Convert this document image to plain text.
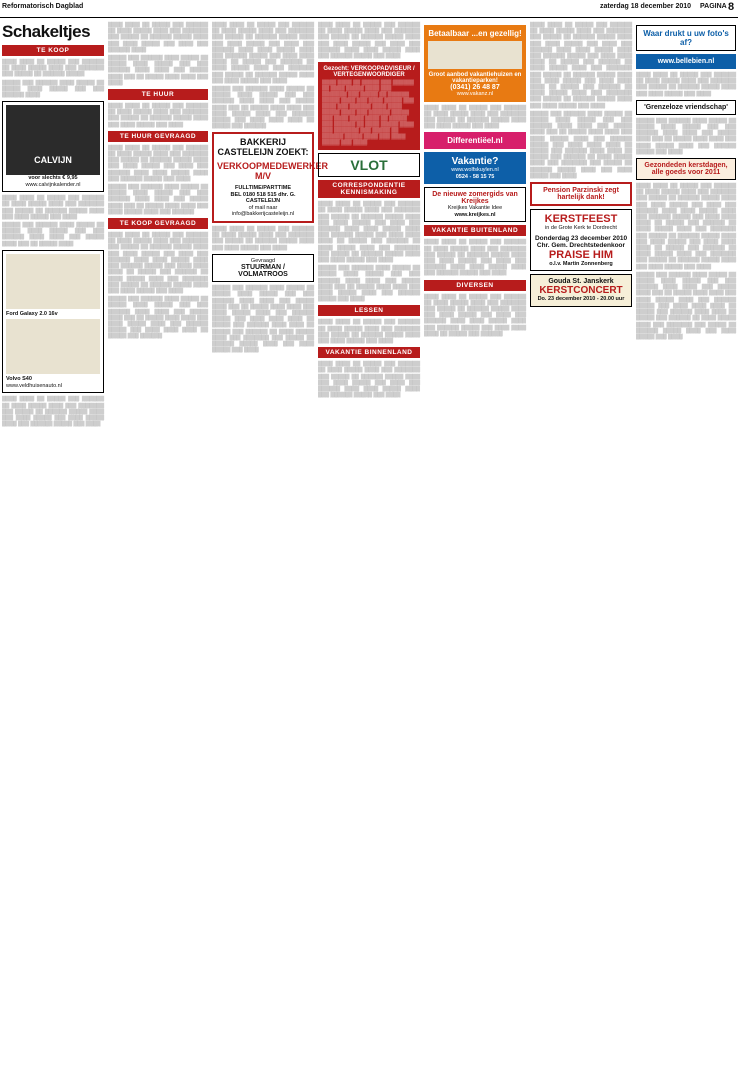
Reformatorisch Dagblad	zaterdag 18 december 2010 PAGINA 8
Schakeltjes
TE KOOP

▒▒▒▒ ▒▒▒▒ ▒▒ ▒▒▒▒▒ ▒▒▒ ▒▒▒▒▒▒ ▒▒ ▒▒▒▒ ▒▒▒▒▒ ▒▒▒▒ ▒▒▒ ▒▒▒▒▒▒▒ ▒▒▒ ▒▒▒▒▒ ▒▒ ▒▒▒▒▒▒ ▒▒▒▒▒

▒▒▒▒▒ ▒▒▒ ▒▒▒▒▒▒ ▒▒▒▒ ▒▒▒▒▒ ▒▒ ▒▒▒▒▒ ▒▒▒▒ ▒▒▒▒▒ ▒▒▒ ▒▒▒ ▒▒▒▒▒▒ ▒▒▒▒

CALVIJN
voor slechts € 9,95
www.calvijnkalender.nl

▒▒▒▒ ▒▒▒▒ ▒▒ ▒▒▒▒▒ ▒▒▒ ▒▒▒▒▒▒ ▒▒ ▒▒▒▒ ▒▒▒▒▒ ▒▒▒▒ ▒▒▒ ▒▒▒▒▒▒▒ ▒▒▒ ▒▒▒▒▒ ▒▒ ▒▒▒▒▒▒ ▒▒▒▒▒ ▒▒▒▒ ▒▒▒ ▒▒▒▒ ▒▒▒▒▒ ▒▒▒ ▒▒▒▒

▒▒▒▒▒ ▒▒▒ ▒▒▒▒▒▒ ▒▒▒▒ ▒▒▒▒▒ ▒▒ ▒▒▒▒▒ ▒▒▒▒ ▒▒▒▒▒ ▒▒▒ ▒▒▒ ▒▒▒▒▒▒ ▒▒▒▒ ▒▒▒▒ ▒▒▒ ▒▒▒▒▒ ▒▒▒▒ ▒▒▒ ▒▒ ▒▒▒▒▒ ▒▒▒▒

Ford Galaxy 2.0 16v
Volvo S40
www.veldhuisenauto.nl

▒▒▒▒ ▒▒▒▒ ▒▒ ▒▒▒▒▒ ▒▒▒ ▒▒▒▒▒▒ ▒▒ ▒▒▒▒ ▒▒▒▒▒ ▒▒▒▒ ▒▒▒ ▒▒▒▒▒▒▒ ▒▒▒ ▒▒▒▒▒ ▒▒ ▒▒▒▒▒▒ ▒▒▒▒▒ ▒▒▒▒ ▒▒▒ ▒▒▒▒ ▒▒▒▒▒ ▒▒▒ ▒▒▒▒ ▒▒▒▒▒ ▒▒▒▒ ▒▒▒ ▒▒▒▒▒▒ ▒▒▒▒▒ ▒▒▒ ▒▒▒▒

▒▒▒▒ ▒▒▒▒ ▒▒ ▒▒▒▒▒ ▒▒▒ ▒▒▒▒▒▒ ▒▒ ▒▒▒▒ ▒▒▒▒▒ ▒▒▒▒ ▒▒▒ ▒▒▒▒▒▒▒ ▒▒▒ ▒▒▒▒▒ ▒▒ ▒▒▒▒▒▒ ▒▒▒▒▒ ▒▒▒▒ ▒▒▒ ▒▒▒▒ ▒▒▒▒▒ ▒▒▒ ▒▒▒▒ ▒▒▒ ▒▒▒▒▒▒ ▒▒▒▒

▒▒▒▒▒ ▒▒▒ ▒▒▒▒▒▒ ▒▒▒▒ ▒▒▒▒▒ ▒▒ ▒▒▒▒▒ ▒▒▒▒ ▒▒▒▒▒ ▒▒▒ ▒▒▒ ▒▒▒▒▒▒ ▒▒▒▒ ▒▒▒▒ ▒▒▒ ▒▒▒▒▒ ▒▒▒▒ ▒▒▒ ▒▒ ▒▒▒▒▒ ▒▒▒▒ ▒▒▒▒ ▒▒▒ ▒▒▒▒

TE HUUR

▒▒▒▒ ▒▒▒▒ ▒▒ ▒▒▒▒▒ ▒▒▒ ▒▒▒▒▒▒ ▒▒ ▒▒▒▒ ▒▒▒▒▒ ▒▒▒▒ ▒▒▒ ▒▒▒▒▒▒▒ ▒▒▒ ▒▒▒▒▒ ▒▒ ▒▒▒▒▒▒ ▒▒▒▒▒ ▒▒▒▒ ▒▒▒ ▒▒▒▒ ▒▒▒▒▒ ▒▒▒ ▒▒▒▒

TE HUUR GEVRAAGD

▒▒▒▒ ▒▒▒▒ ▒▒ ▒▒▒▒▒ ▒▒▒ ▒▒▒▒▒▒ ▒▒ ▒▒▒▒ ▒▒▒▒▒ ▒▒▒▒ ▒▒▒ ▒▒▒▒▒▒▒ ▒▒▒ ▒▒▒▒▒ ▒▒ ▒▒▒▒▒▒ ▒▒▒▒▒ ▒▒▒▒ ▒▒▒ ▒▒▒▒ ▒▒▒▒▒ ▒▒▒ ▒▒▒▒ ▒▒▒ ▒▒▒▒▒▒ ▒▒▒▒ ▒▒▒▒ ▒▒▒▒▒ ▒▒▒▒ ▒▒▒ ▒▒▒▒▒▒ ▒▒▒▒▒ ▒▒▒ ▒▒▒▒

▒▒▒▒▒ ▒▒▒ ▒▒▒▒▒▒ ▒▒▒▒ ▒▒▒▒▒ ▒▒ ▒▒▒▒▒ ▒▒▒▒ ▒▒▒▒▒ ▒▒▒ ▒▒▒ ▒▒▒▒▒▒ ▒▒▒▒ ▒▒▒▒ ▒▒▒ ▒▒▒▒▒ ▒▒▒▒ ▒▒▒ ▒▒ ▒▒▒▒▒ ▒▒▒▒ ▒▒▒▒ ▒▒▒ ▒▒▒▒ ▒▒▒▒▒ ▒▒▒▒ ▒▒▒ ▒▒▒▒▒▒

TE KOOP GEVRAAGD

▒▒▒▒ ▒▒▒▒ ▒▒ ▒▒▒▒▒ ▒▒▒ ▒▒▒▒▒▒ ▒▒ ▒▒▒▒ ▒▒▒▒▒ ▒▒▒▒ ▒▒▒ ▒▒▒▒▒▒▒ ▒▒▒ ▒▒▒▒▒ ▒▒ ▒▒▒▒▒▒ ▒▒▒▒▒ ▒▒▒▒ ▒▒▒ ▒▒▒▒ ▒▒▒▒▒ ▒▒▒ ▒▒▒▒ ▒▒▒ ▒▒▒▒▒▒ ▒▒▒▒ ▒▒▒▒ ▒▒▒▒▒ ▒▒▒▒ ▒▒▒ ▒▒▒▒▒▒ ▒▒▒▒▒ ▒▒▒ ▒▒▒▒ ▒▒▒▒ ▒▒▒▒ ▒▒ ▒▒▒▒▒ ▒▒▒ ▒▒▒▒▒▒ ▒▒ ▒▒▒▒ ▒▒▒▒▒ ▒▒▒▒ ▒▒▒ ▒▒▒▒▒▒▒ ▒▒▒ ▒▒▒▒▒ ▒▒ ▒▒▒▒▒▒ ▒▒▒▒▒ ▒▒▒▒ ▒▒▒ ▒▒▒▒ ▒▒▒▒▒ ▒▒▒ ▒▒▒▒

▒▒▒▒▒ ▒▒▒ ▒▒▒▒▒▒ ▒▒▒▒ ▒▒▒▒▒ ▒▒ ▒▒▒▒▒ ▒▒▒▒ ▒▒▒▒▒ ▒▒▒ ▒▒▒ ▒▒▒▒▒▒ ▒▒▒▒ ▒▒▒▒ ▒▒▒ ▒▒▒▒▒ ▒▒▒▒ ▒▒▒ ▒▒ ▒▒▒▒▒ ▒▒▒▒ ▒▒▒▒ ▒▒▒ ▒▒▒▒ ▒▒▒▒▒ ▒▒▒▒ ▒▒▒ ▒▒▒▒▒▒ ▒▒▒▒▒ ▒▒▒ ▒▒▒▒ ▒▒▒▒ ▒▒▒▒ ▒▒ ▒▒▒▒▒ ▒▒▒ ▒▒▒▒▒▒

▒▒▒▒ ▒▒▒▒ ▒▒ ▒▒▒▒▒ ▒▒▒ ▒▒▒▒▒▒ ▒▒ ▒▒▒▒ ▒▒▒▒▒ ▒▒▒▒ ▒▒▒ ▒▒▒▒▒▒▒ ▒▒▒ ▒▒▒▒▒ ▒▒ ▒▒▒▒▒▒ ▒▒▒▒▒ ▒▒▒▒ ▒▒▒ ▒▒▒▒ ▒▒▒▒▒ ▒▒▒ ▒▒▒▒ ▒▒▒ ▒▒▒▒▒▒ ▒▒▒▒ ▒▒▒▒ ▒▒▒▒▒ ▒▒▒▒ ▒▒▒ ▒▒▒▒▒▒ ▒▒▒▒▒ ▒▒▒ ▒▒▒▒ ▒▒▒▒ ▒▒▒▒ ▒▒ ▒▒▒▒▒ ▒▒▒ ▒▒▒▒▒▒ ▒▒ ▒▒▒▒ ▒▒▒▒▒ ▒▒▒▒ ▒▒▒ ▒▒▒▒▒▒▒ ▒▒▒ ▒▒▒▒▒ ▒▒ ▒▒▒▒▒▒ ▒▒▒▒▒ ▒▒▒▒ ▒▒▒ ▒▒▒▒ ▒▒▒▒▒ ▒▒▒ ▒▒▒▒

▒▒▒▒▒ ▒▒▒ ▒▒▒▒▒▒ ▒▒▒▒ ▒▒▒▒▒ ▒▒ ▒▒▒▒▒ ▒▒▒▒ ▒▒▒▒▒ ▒▒▒ ▒▒▒ ▒▒▒▒▒▒ ▒▒▒▒ ▒▒▒▒ ▒▒▒ ▒▒▒▒▒ ▒▒▒▒ ▒▒▒ ▒▒ ▒▒▒▒▒ ▒▒▒▒ ▒▒▒▒ ▒▒▒ ▒▒▒▒ ▒▒▒▒▒ ▒▒▒▒ ▒▒▒ ▒▒▒▒▒▒ ▒▒▒▒▒ ▒▒▒ ▒▒▒▒ ▒▒▒▒ ▒▒▒▒ ▒▒ ▒▒▒▒▒ ▒▒▒ ▒▒▒▒▒▒

BAKKERIJ CASTELEIJN ZOEKT:
VERKOOPMEDEWERKER M/V
FULLTIME/PARTTIME
BEL 0180 518 515 dhr. G. CASTELEIJN
of mail naar info@bakkerijcasteleijn.nl

▒▒▒▒ ▒▒▒▒ ▒▒ ▒▒▒▒▒ ▒▒▒ ▒▒▒▒▒▒ ▒▒ ▒▒▒▒ ▒▒▒▒▒ ▒▒▒▒ ▒▒▒ ▒▒▒▒▒▒▒ ▒▒▒ ▒▒▒▒▒ ▒▒ ▒▒▒▒▒▒ ▒▒▒▒▒ ▒▒▒▒ ▒▒▒ ▒▒▒▒ ▒▒▒▒▒ ▒▒▒ ▒▒▒▒

Gevraagd
STUURMAN / VOLMATROOS

▒▒▒▒▒ ▒▒▒ ▒▒▒▒▒▒ ▒▒▒▒ ▒▒▒▒▒ ▒▒ ▒▒▒▒▒ ▒▒▒▒ ▒▒▒▒▒ ▒▒▒ ▒▒▒ ▒▒▒▒▒▒ ▒▒▒▒ ▒▒▒▒ ▒▒▒ ▒▒▒▒▒ ▒▒▒▒ ▒▒▒ ▒▒ ▒▒▒▒▒ ▒▒▒▒ ▒▒▒▒ ▒▒▒ ▒▒▒▒ ▒▒▒▒▒ ▒▒▒▒ ▒▒▒ ▒▒▒▒▒▒ ▒▒▒▒▒ ▒▒▒ ▒▒▒▒ ▒▒▒▒ ▒▒▒▒ ▒▒ ▒▒▒▒▒ ▒▒▒ ▒▒▒▒▒▒ ▒▒▒▒ ▒▒▒▒ ▒▒ ▒▒▒▒▒ ▒▒▒ ▒▒▒▒▒▒ ▒▒ ▒▒▒▒ ▒▒▒▒▒ ▒▒▒▒ ▒▒▒ ▒▒▒▒▒▒▒ ▒▒▒ ▒▒▒▒▒ ▒▒ ▒▒▒▒▒▒ ▒▒▒▒▒ ▒▒▒▒ ▒▒▒ ▒▒▒▒ ▒▒▒▒▒ ▒▒▒ ▒▒▒▒

▒▒▒▒ ▒▒▒▒ ▒▒ ▒▒▒▒▒ ▒▒▒ ▒▒▒▒▒▒ ▒▒ ▒▒▒▒ ▒▒▒▒▒ ▒▒▒▒ ▒▒▒ ▒▒▒▒▒▒▒ ▒▒▒ ▒▒▒▒▒ ▒▒ ▒▒▒▒▒▒ ▒▒▒▒▒ ▒▒▒▒ ▒▒▒ ▒▒▒▒ ▒▒▒▒▒ ▒▒▒ ▒▒▒▒ ▒▒▒ ▒▒▒▒▒▒ ▒▒▒▒ ▒▒▒▒ ▒▒▒▒▒ ▒▒▒▒ ▒▒▒ ▒▒▒▒▒▒ ▒▒▒▒▒ ▒▒▒ ▒▒▒▒

Gezocht: VERKOOPADVISEUR / VERTEGENWOORDIGER
▒▒▒▒ ▒▒▒▒ ▒▒ ▒▒▒▒▒ ▒▒▒ ▒▒▒▒▒▒ ▒▒ ▒▒▒▒ ▒▒▒▒▒ ▒▒▒▒ ▒▒▒ ▒▒▒▒▒▒▒ ▒▒▒ ▒▒▒▒▒ ▒▒ ▒▒▒▒▒▒ ▒▒▒▒▒ ▒▒▒▒ ▒▒▒ ▒▒▒▒ ▒▒▒▒▒ ▒▒▒ ▒▒▒▒ ▒▒▒ ▒▒▒▒▒▒ ▒▒▒▒ ▒▒▒▒ ▒▒▒▒▒ ▒▒▒▒ ▒▒▒ ▒▒▒▒▒▒ ▒▒▒▒▒ ▒▒▒ ▒▒▒▒ ▒▒▒▒ ▒▒▒▒ ▒▒ ▒▒▒▒▒ ▒▒▒ ▒▒▒▒▒▒ ▒▒ ▒▒▒▒ ▒▒▒▒▒ ▒▒▒▒ ▒▒▒ ▒▒▒▒▒▒▒ ▒▒▒ ▒▒▒▒▒ ▒▒ ▒▒▒▒▒▒ ▒▒▒▒▒ ▒▒▒▒ ▒▒▒ ▒▒▒▒ ▒▒▒▒▒ ▒▒▒ ▒▒▒▒
VLOT
CORRESPONDENTIE KENNISMAKING

▒▒▒▒ ▒▒▒▒ ▒▒ ▒▒▒▒▒ ▒▒▒ ▒▒▒▒▒▒ ▒▒ ▒▒▒▒ ▒▒▒▒▒ ▒▒▒▒ ▒▒▒ ▒▒▒▒▒▒▒ ▒▒▒ ▒▒▒▒▒ ▒▒ ▒▒▒▒▒▒ ▒▒▒▒▒ ▒▒▒▒ ▒▒▒ ▒▒▒▒ ▒▒▒▒▒ ▒▒▒ ▒▒▒▒ ▒▒▒ ▒▒▒▒▒▒ ▒▒▒▒ ▒▒▒▒ ▒▒▒▒▒ ▒▒▒▒ ▒▒▒ ▒▒▒▒▒▒ ▒▒▒▒▒ ▒▒▒ ▒▒▒▒ ▒▒▒▒ ▒▒▒▒ ▒▒ ▒▒▒▒▒ ▒▒▒ ▒▒▒▒▒▒ ▒▒ ▒▒▒▒ ▒▒▒▒▒ ▒▒▒▒ ▒▒▒ ▒▒▒▒▒▒▒ ▒▒▒ ▒▒▒▒▒ ▒▒ ▒▒▒▒▒▒ ▒▒▒▒▒ ▒▒▒▒ ▒▒▒ ▒▒▒▒ ▒▒▒▒▒ ▒▒▒ ▒▒▒▒

▒▒▒▒▒ ▒▒▒ ▒▒▒▒▒▒ ▒▒▒▒ ▒▒▒▒▒ ▒▒ ▒▒▒▒▒ ▒▒▒▒ ▒▒▒▒▒ ▒▒▒ ▒▒▒ ▒▒▒▒▒▒ ▒▒▒▒ ▒▒▒▒ ▒▒▒ ▒▒▒▒▒ ▒▒▒▒ ▒▒▒ ▒▒ ▒▒▒▒▒ ▒▒▒▒ ▒▒▒▒ ▒▒▒ ▒▒▒▒ ▒▒▒▒▒ ▒▒▒▒ ▒▒▒ ▒▒▒▒▒▒ ▒▒▒▒▒ ▒▒▒ ▒▒▒▒

LESSEN

▒▒▒▒ ▒▒▒▒ ▒▒ ▒▒▒▒▒ ▒▒▒ ▒▒▒▒▒▒ ▒▒ ▒▒▒▒ ▒▒▒▒▒ ▒▒▒▒ ▒▒▒ ▒▒▒▒▒▒▒ ▒▒▒ ▒▒▒▒▒ ▒▒ ▒▒▒▒▒▒ ▒▒▒▒▒ ▒▒▒▒ ▒▒▒ ▒▒▒▒ ▒▒▒▒▒ ▒▒▒ ▒▒▒▒

VAKANTIE BINNENLAND

▒▒▒▒ ▒▒▒▒ ▒▒ ▒▒▒▒▒ ▒▒▒ ▒▒▒▒▒▒ ▒▒ ▒▒▒▒ ▒▒▒▒▒ ▒▒▒▒ ▒▒▒ ▒▒▒▒▒▒▒ ▒▒▒ ▒▒▒▒▒ ▒▒ ▒▒▒▒▒▒ ▒▒▒▒▒ ▒▒▒▒ ▒▒▒ ▒▒▒▒ ▒▒▒▒▒ ▒▒▒ ▒▒▒▒ ▒▒▒ ▒▒▒▒▒▒ ▒▒▒▒ ▒▒▒▒ ▒▒▒▒▒ ▒▒▒▒ ▒▒▒ ▒▒▒▒▒▒ ▒▒▒▒▒ ▒▒▒ ▒▒▒▒

Betaalbaar ...en gezellig!
Groot aanbod vakantiehuizen en vakantieparken!
(0341) 26 48 87
www.vakanz.nl

▒▒▒▒ ▒▒▒▒ ▒▒ ▒▒▒▒▒ ▒▒▒ ▒▒▒▒▒▒ ▒▒ ▒▒▒▒ ▒▒▒▒▒ ▒▒▒▒ ▒▒▒ ▒▒▒▒▒▒▒ ▒▒▒ ▒▒▒▒▒ ▒▒ ▒▒▒▒▒▒ ▒▒▒▒▒ ▒▒▒▒ ▒▒▒ ▒▒▒▒ ▒▒▒▒▒ ▒▒▒ ▒▒▒▒

Differentiëel.nl
Vakantie?
www.wolfskuylen.nl
0524 - 58 15 75
De nieuwe zomergids van Kreijkes
Kreijkes Vakantie Idee
www.kreijkes.nl
VAKANTIE BUITENLAND

▒▒▒▒ ▒▒▒▒ ▒▒ ▒▒▒▒▒ ▒▒▒ ▒▒▒▒▒▒ ▒▒ ▒▒▒▒ ▒▒▒▒▒ ▒▒▒▒ ▒▒▒ ▒▒▒▒▒▒▒ ▒▒▒ ▒▒▒▒▒ ▒▒ ▒▒▒▒▒▒ ▒▒▒▒▒ ▒▒▒▒ ▒▒▒ ▒▒▒▒ ▒▒▒▒▒ ▒▒▒ ▒▒▒▒ ▒▒▒ ▒▒▒▒▒▒ ▒▒▒▒ ▒▒▒▒ ▒▒▒▒▒ ▒▒▒▒ ▒▒▒ ▒▒▒▒▒▒ ▒▒▒▒▒ ▒▒▒ ▒▒▒▒

DIVERSEN

▒▒▒▒ ▒▒▒▒ ▒▒ ▒▒▒▒▒ ▒▒▒ ▒▒▒▒▒▒ ▒▒ ▒▒▒▒ ▒▒▒▒▒ ▒▒▒▒ ▒▒▒ ▒▒▒▒▒▒▒ ▒▒▒ ▒▒▒▒▒ ▒▒ ▒▒▒▒▒▒ ▒▒▒▒▒ ▒▒▒▒ ▒▒▒ ▒▒▒▒ ▒▒▒▒▒ ▒▒▒ ▒▒▒▒ ▒▒▒ ▒▒▒▒▒▒ ▒▒▒▒ ▒▒▒▒ ▒▒▒▒▒ ▒▒▒▒ ▒▒▒ ▒▒▒▒▒▒ ▒▒▒▒▒ ▒▒▒ ▒▒▒▒ ▒▒▒▒ ▒▒▒▒ ▒▒ ▒▒▒▒▒ ▒▒▒ ▒▒▒▒▒▒

▒▒▒▒ ▒▒▒▒ ▒▒ ▒▒▒▒▒ ▒▒▒ ▒▒▒▒▒▒ ▒▒ ▒▒▒▒ ▒▒▒▒▒ ▒▒▒▒ ▒▒▒ ▒▒▒▒▒▒▒ ▒▒▒ ▒▒▒▒▒ ▒▒ ▒▒▒▒▒▒ ▒▒▒▒▒ ▒▒▒▒ ▒▒▒ ▒▒▒▒ ▒▒▒▒▒ ▒▒▒ ▒▒▒▒ ▒▒▒ ▒▒▒▒▒▒ ▒▒▒▒ ▒▒▒▒ ▒▒▒▒▒ ▒▒▒▒ ▒▒▒ ▒▒▒▒▒▒ ▒▒▒▒▒ ▒▒▒ ▒▒▒▒ ▒▒▒▒ ▒▒▒▒ ▒▒ ▒▒▒▒▒ ▒▒▒ ▒▒▒▒▒▒ ▒▒ ▒▒▒▒ ▒▒▒▒▒ ▒▒▒▒ ▒▒▒ ▒▒▒▒▒▒▒ ▒▒▒ ▒▒▒▒▒ ▒▒ ▒▒▒▒▒▒ ▒▒▒▒▒ ▒▒▒▒ ▒▒▒ ▒▒▒▒ ▒▒▒▒▒ ▒▒▒ ▒▒▒▒ ▒▒▒▒ ▒▒▒▒ ▒▒ ▒▒▒▒▒ ▒▒▒ ▒▒▒▒▒▒ ▒▒ ▒▒▒▒ ▒▒▒▒▒ ▒▒▒▒ ▒▒▒ ▒▒▒▒▒▒▒ ▒▒▒ ▒▒▒▒▒ ▒▒ ▒▒▒▒▒▒ ▒▒▒▒▒ ▒▒▒▒ ▒▒▒ ▒▒▒▒ ▒▒▒▒▒ ▒▒▒ ▒▒▒▒

▒▒▒▒▒ ▒▒▒ ▒▒▒▒▒▒ ▒▒▒▒ ▒▒▒▒▒ ▒▒ ▒▒▒▒▒ ▒▒▒▒ ▒▒▒▒▒ ▒▒▒ ▒▒▒ ▒▒▒▒▒▒ ▒▒▒▒ ▒▒▒▒ ▒▒▒ ▒▒▒▒▒ ▒▒▒▒ ▒▒▒ ▒▒ ▒▒▒▒▒ ▒▒▒▒ ▒▒▒▒ ▒▒▒ ▒▒▒▒ ▒▒▒▒▒ ▒▒▒▒ ▒▒▒ ▒▒▒▒▒▒ ▒▒▒▒▒ ▒▒▒ ▒▒▒▒ ▒▒▒▒ ▒▒▒▒ ▒▒ ▒▒▒▒▒ ▒▒▒ ▒▒▒▒▒▒ ▒▒▒▒ ▒▒▒▒ ▒▒ ▒▒▒▒▒ ▒▒▒ ▒▒▒▒▒▒ ▒▒ ▒▒▒▒ ▒▒▒▒▒ ▒▒▒▒ ▒▒▒ ▒▒▒▒▒▒▒ ▒▒▒ ▒▒▒▒▒ ▒▒ ▒▒▒▒▒▒ ▒▒▒▒▒ ▒▒▒▒ ▒▒▒ ▒▒▒▒ ▒▒▒▒▒ ▒▒▒ ▒▒▒▒

Pension Parzinski zegt hartelijk dank!
KERSTFEEST
in de Grote Kerk te Dordrecht
Donderdag 23 december 2010
Chr. Gem. Drechtstedenkoor
PRAISE HIM
o.l.v. Martin Zonnenberg
Gouda St. Janskerk
KERSTCONCERT
Do. 23 december 2010 - 20.00 uur
Waar drukt u uw foto's af?
www.bellebien.nl

▒▒▒▒ ▒▒▒▒ ▒▒ ▒▒▒▒▒ ▒▒▒ ▒▒▒▒▒▒ ▒▒ ▒▒▒▒ ▒▒▒▒▒ ▒▒▒▒ ▒▒▒ ▒▒▒▒▒▒▒ ▒▒▒ ▒▒▒▒▒ ▒▒ ▒▒▒▒▒▒ ▒▒▒▒▒ ▒▒▒▒ ▒▒▒ ▒▒▒▒ ▒▒▒▒▒ ▒▒▒ ▒▒▒▒

'Grenzeloze vriendschap'

▒▒▒▒▒ ▒▒▒ ▒▒▒▒▒▒ ▒▒▒▒ ▒▒▒▒▒ ▒▒ ▒▒▒▒▒ ▒▒▒▒ ▒▒▒▒▒ ▒▒▒ ▒▒▒ ▒▒▒▒▒▒ ▒▒▒▒ ▒▒▒▒ ▒▒▒ ▒▒▒▒▒ ▒▒▒▒ ▒▒▒ ▒▒ ▒▒▒▒▒ ▒▒▒▒ ▒▒▒▒ ▒▒▒ ▒▒▒▒ ▒▒▒▒▒ ▒▒▒▒ ▒▒▒ ▒▒▒▒▒▒ ▒▒▒▒▒ ▒▒▒ ▒▒▒▒

Gezondeden kerstdagen, alle goeds voor 2011

▒▒▒▒ ▒▒▒▒ ▒▒ ▒▒▒▒▒ ▒▒▒ ▒▒▒▒▒▒ ▒▒ ▒▒▒▒ ▒▒▒▒▒ ▒▒▒▒ ▒▒▒ ▒▒▒▒▒▒▒ ▒▒▒ ▒▒▒▒▒ ▒▒ ▒▒▒▒▒▒ ▒▒▒▒▒ ▒▒▒▒ ▒▒▒ ▒▒▒▒ ▒▒▒▒▒ ▒▒▒ ▒▒▒▒ ▒▒▒ ▒▒▒▒▒▒ ▒▒▒▒ ▒▒▒▒ ▒▒▒▒▒ ▒▒▒▒ ▒▒▒ ▒▒▒▒▒▒ ▒▒▒▒▒ ▒▒▒ ▒▒▒▒ ▒▒▒▒ ▒▒▒▒ ▒▒ ▒▒▒▒▒ ▒▒▒ ▒▒▒▒▒▒ ▒▒ ▒▒▒▒ ▒▒▒▒▒ ▒▒▒▒ ▒▒▒ ▒▒▒▒▒▒▒ ▒▒▒ ▒▒▒▒▒ ▒▒ ▒▒▒▒▒▒ ▒▒▒▒▒ ▒▒▒▒ ▒▒▒ ▒▒▒▒ ▒▒▒▒▒ ▒▒▒ ▒▒▒▒ ▒▒▒▒ ▒▒▒▒ ▒▒ ▒▒▒▒▒ ▒▒▒ ▒▒▒▒▒▒ ▒▒ ▒▒▒▒ ▒▒▒▒▒ ▒▒▒▒ ▒▒▒ ▒▒▒▒▒▒▒ ▒▒▒ ▒▒▒▒▒ ▒▒ ▒▒▒▒▒▒ ▒▒▒▒▒ ▒▒▒▒ ▒▒▒ ▒▒▒▒ ▒▒▒▒▒ ▒▒▒ ▒▒▒▒

▒▒▒▒▒ ▒▒▒ ▒▒▒▒▒▒ ▒▒▒▒ ▒▒▒▒▒ ▒▒ ▒▒▒▒▒ ▒▒▒▒ ▒▒▒▒▒ ▒▒▒ ▒▒▒ ▒▒▒▒▒▒ ▒▒▒▒ ▒▒▒▒ ▒▒▒ ▒▒▒▒▒ ▒▒▒▒ ▒▒▒ ▒▒ ▒▒▒▒▒ ▒▒▒▒ ▒▒▒▒ ▒▒▒ ▒▒▒▒ ▒▒▒▒▒ ▒▒▒▒ ▒▒▒ ▒▒▒▒▒▒ ▒▒▒▒▒ ▒▒▒ ▒▒▒▒ ▒▒▒▒ ▒▒▒▒ ▒▒ ▒▒▒▒▒ ▒▒▒ ▒▒▒▒▒▒ ▒▒▒▒ ▒▒▒▒ ▒▒ ▒▒▒▒▒ ▒▒▒ ▒▒▒▒▒▒ ▒▒ ▒▒▒▒ ▒▒▒▒▒ ▒▒▒▒ ▒▒▒ ▒▒▒▒▒▒▒ ▒▒▒ ▒▒▒▒▒ ▒▒ ▒▒▒▒▒▒ ▒▒▒▒▒ ▒▒▒▒ ▒▒▒ ▒▒▒▒ ▒▒▒▒▒ ▒▒▒ ▒▒▒▒
